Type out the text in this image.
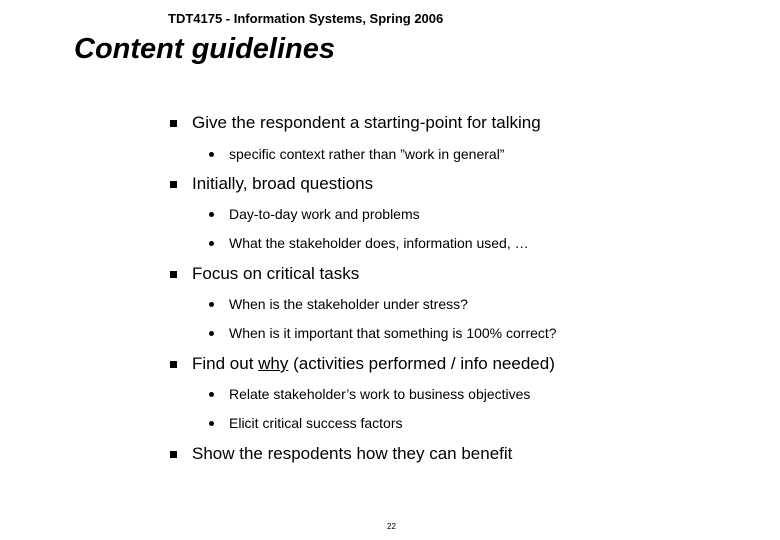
TDT4175 - Information Systems, Spring 2006
Content guidelines
Give the respondent a starting-point for talking
specific context rather than ”work in general”
Initially, broad questions
Day-to-day work and problems
What the stakeholder does, information used, …
Focus on critical tasks
When is the stakeholder under stress?
When is it important that something is 100% correct?
Find out why (activities performed / info needed)
Relate stakeholder’s work to business objectives
Elicit critical success factors
Show the respodents how they can benefit
22
